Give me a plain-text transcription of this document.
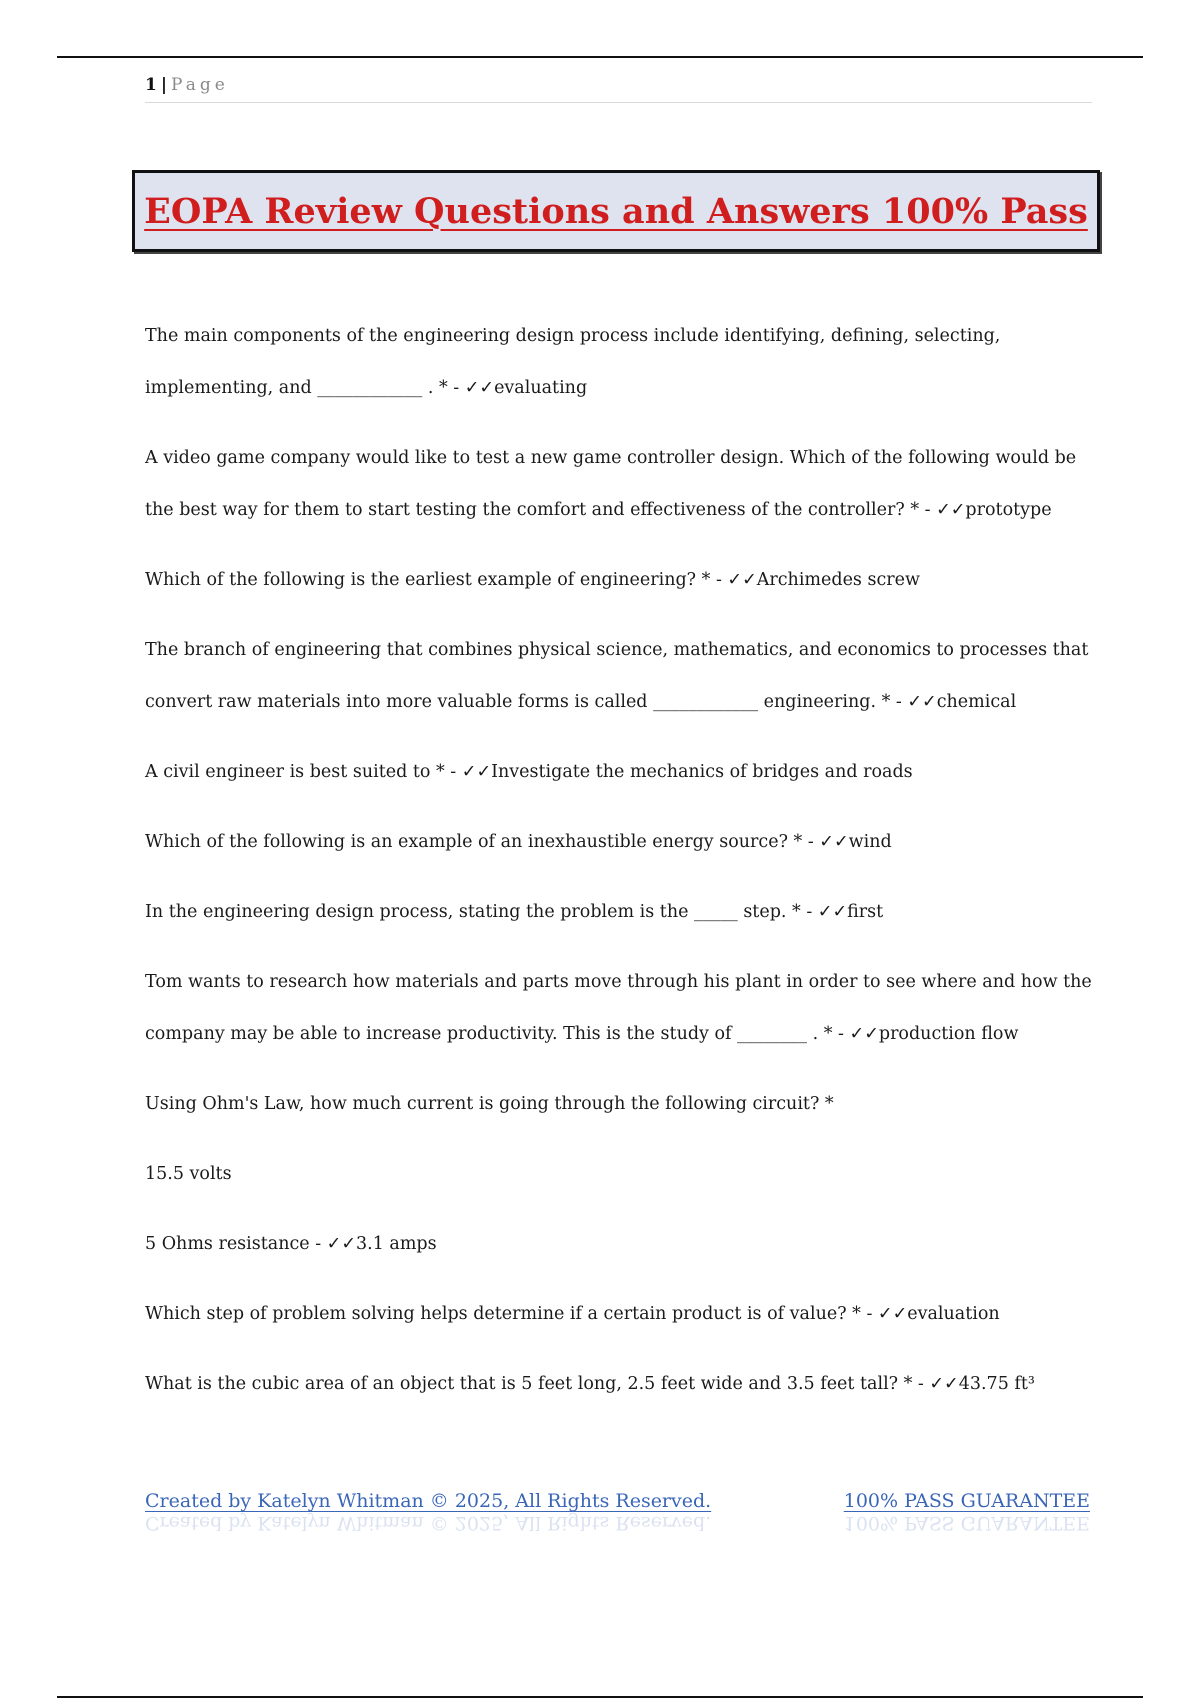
1 | Page
EOPA Review Questions and Answers 100% Pass

The main components of the engineering design process include identifying, defining, selecting, implementing, and ____________ . * - ✓✓evaluating

A video game company would like to test a new game controller design. Which of the following would be the best way for them to start testing the comfort and effectiveness of the controller? * - ✓✓prototype

Which of the following is the earliest example of engineering? * - ✓✓Archimedes screw

The branch of engineering that combines physical science, mathematics, and economics to processes that convert raw materials into more valuable forms is called ____________ engineering. * - ✓✓chemical

A civil engineer is best suited to * - ✓✓Investigate the mechanics of bridges and roads

Which of the following is an example of an inexhaustible energy source? * - ✓✓wind

In the engineering design process, stating the problem is the _____ step. * - ✓✓first

Tom wants to research how materials and parts move through his plant in order to see where and how the company may be able to increase productivity. This is the study of ________ . * - ✓✓production flow

Using Ohm's Law, how much current is going through the following circuit? *

15.5 volts

5 Ohms resistance - ✓✓3.1 amps

Which step of problem solving helps determine if a certain product is of value? * - ✓✓evaluation

What is the cubic area of an object that is 5 feet long, 2.5 feet wide and 3.5 feet tall? * - ✓✓43.75 ft³

Created by Katelyn Whitman © 2025, All Rights Reserved.	100% PASS GUARANTEE
Created by Katelyn Whitman © 2025, All Rights Reserved.	100% PASS GUARANTEE
